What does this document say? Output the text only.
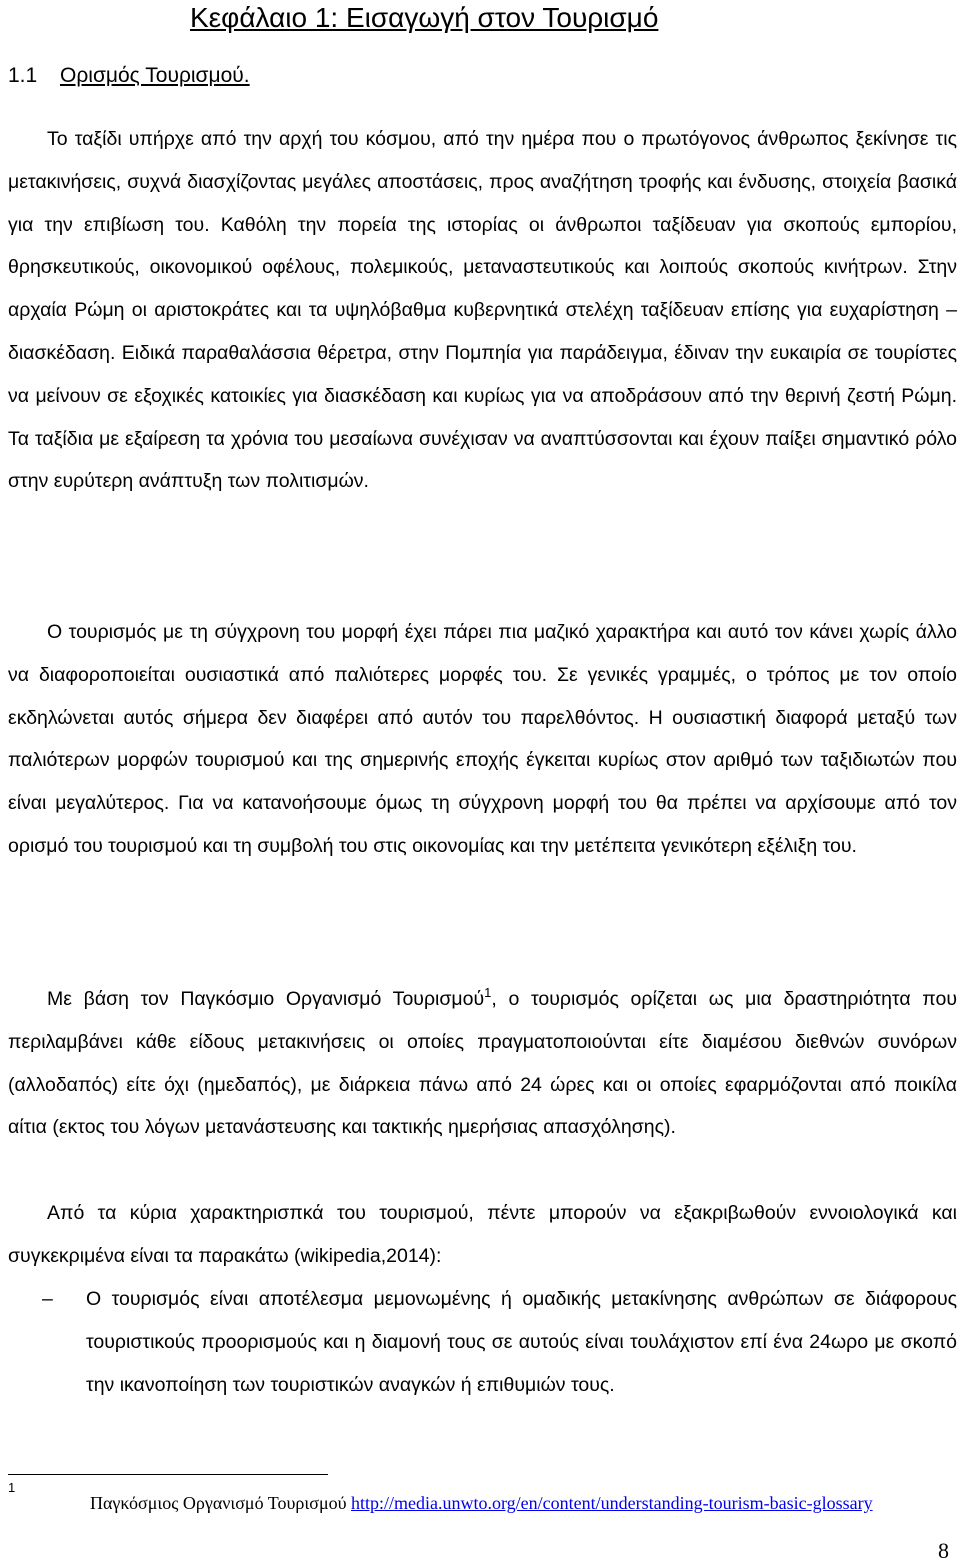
Κεφάλαιο 1: Εισαγωγή στον Τουρισμό
1.1 Ορισμός Τουρισμού.

Το ταξίδι υπήρχε από την αρχή του κόσμου, από την ημέρα που ο πρωτόγονος άνθρωπος ξεκίνησε τις μετακινήσεις, συχνά διασχίζοντας μεγάλες αποστάσεις, προς αναζήτηση τροφής και ένδυσης, στοιχεία βασικά για την επιβίωση του. Καθόλη την πορεία της ιστορίας οι άνθρωποι ταξίδευαν για σκοπούς εμπορίου, θρησκευτικούς, οικονομικού οφέλους, πολεμικούς, μεταναστευτικούς και λοιπούς σκοπούς κινήτρων. Στην αρχαία Ρώμη οι αριστοκράτες και τα υψηλόβαθμα κυβερνητικά στελέχη ταξίδευαν επίσης για ευχαρίστηση – διασκέδαση. Ειδικά παραθαλάσσια θέρετρα, στην Πομπηία για παράδειγμα, έδιναν την ευκαιρία σε τουρίστες να μείνουν σε εξοχικές κατοικίες για διασκέδαση και κυρίως για να αποδράσουν από την θερινή ζεστή Ρώμη. Τα ταξίδια με εξαίρεση τα χρόνια του μεσαίωνα συνέχισαν να αναπτύσσονται και έχουν παίξει σημαντικό ρόλο στην ευρύτερη ανάπτυξη των πολιτισμών.

Ο τουρισμός με τη σύγχρονη του μορφή έχει πάρει πια μαζικό χαρακτήρα και αυτό τον κάνει χωρίς άλλο να διαφοροποιείται ουσιαστικά από παλιότερες μορφές του. Σε γενικές γραμμές, ο τρόπος με τον οποίο εκδηλώνεται αυτός σήμερα δεν διαφέρει από αυτόν του παρελθόντος. Η ουσιαστική διαφορά μεταξύ των παλιότερων μορφών τουρισμού και της σημερινής εποχής έγκειται κυρίως στον αριθμό των ταξιδιωτών που είναι μεγαλύτερος. Για να κατανοήσουμε όμως τη σύγχρονη μορφή του θα πρέπει να αρχίσουμε από τον ορισμό του τουρισμού και τη συμβολή του στις οικονομίας και την μετέπειτα γενικότερη εξέλιξη του.

Με βάση τον Παγκόσμιο Οργανισμό Τουρισμού$^1$, ο τουρισμός ορίζεται ως μια δραστηριότητα που περιλαμβάνει κάθε είδους μετακινήσεις οι οποίες πραγματοποιούνται είτε διαμέσου διεθνών συνόρων (αλλοδαπός) είτε όχι (ημεδαπός), με διάρκεια πάνω από 24 ώρες και οι οποίες εφαρμόζονται από ποικίλα αίτια (εκτος του λόγων μετανάστευσης και τακτικής ημερήσιας απασχόλησης).

Από τα κύρια χαρακτηρισπκά του τουρισμού, πέντε μπορούν να εξακριβωθούν εννοιολογικά και συγκεκριμένα είναι τα παρακάτω (wikipedia,2014):

– Ο τουρισμός είναι αποτέλεσμα μεμονωμένης ή ομαδικής μετακίνησης ανθρώπων σε διάφορους τουριστικούς προορισμούς και η διαμονή τους σε αυτούς είναι τουλάχιστον επί ένα 24ωρο με σκοπό την ικανοποίηση των τουριστικών αναγκών ή επιθυμιών τους.
1
Παγκόσμιος Οργανισμό Τουρισμού http://media.unwto.org/en/content/understanding-tourism-basic-glossary
8
